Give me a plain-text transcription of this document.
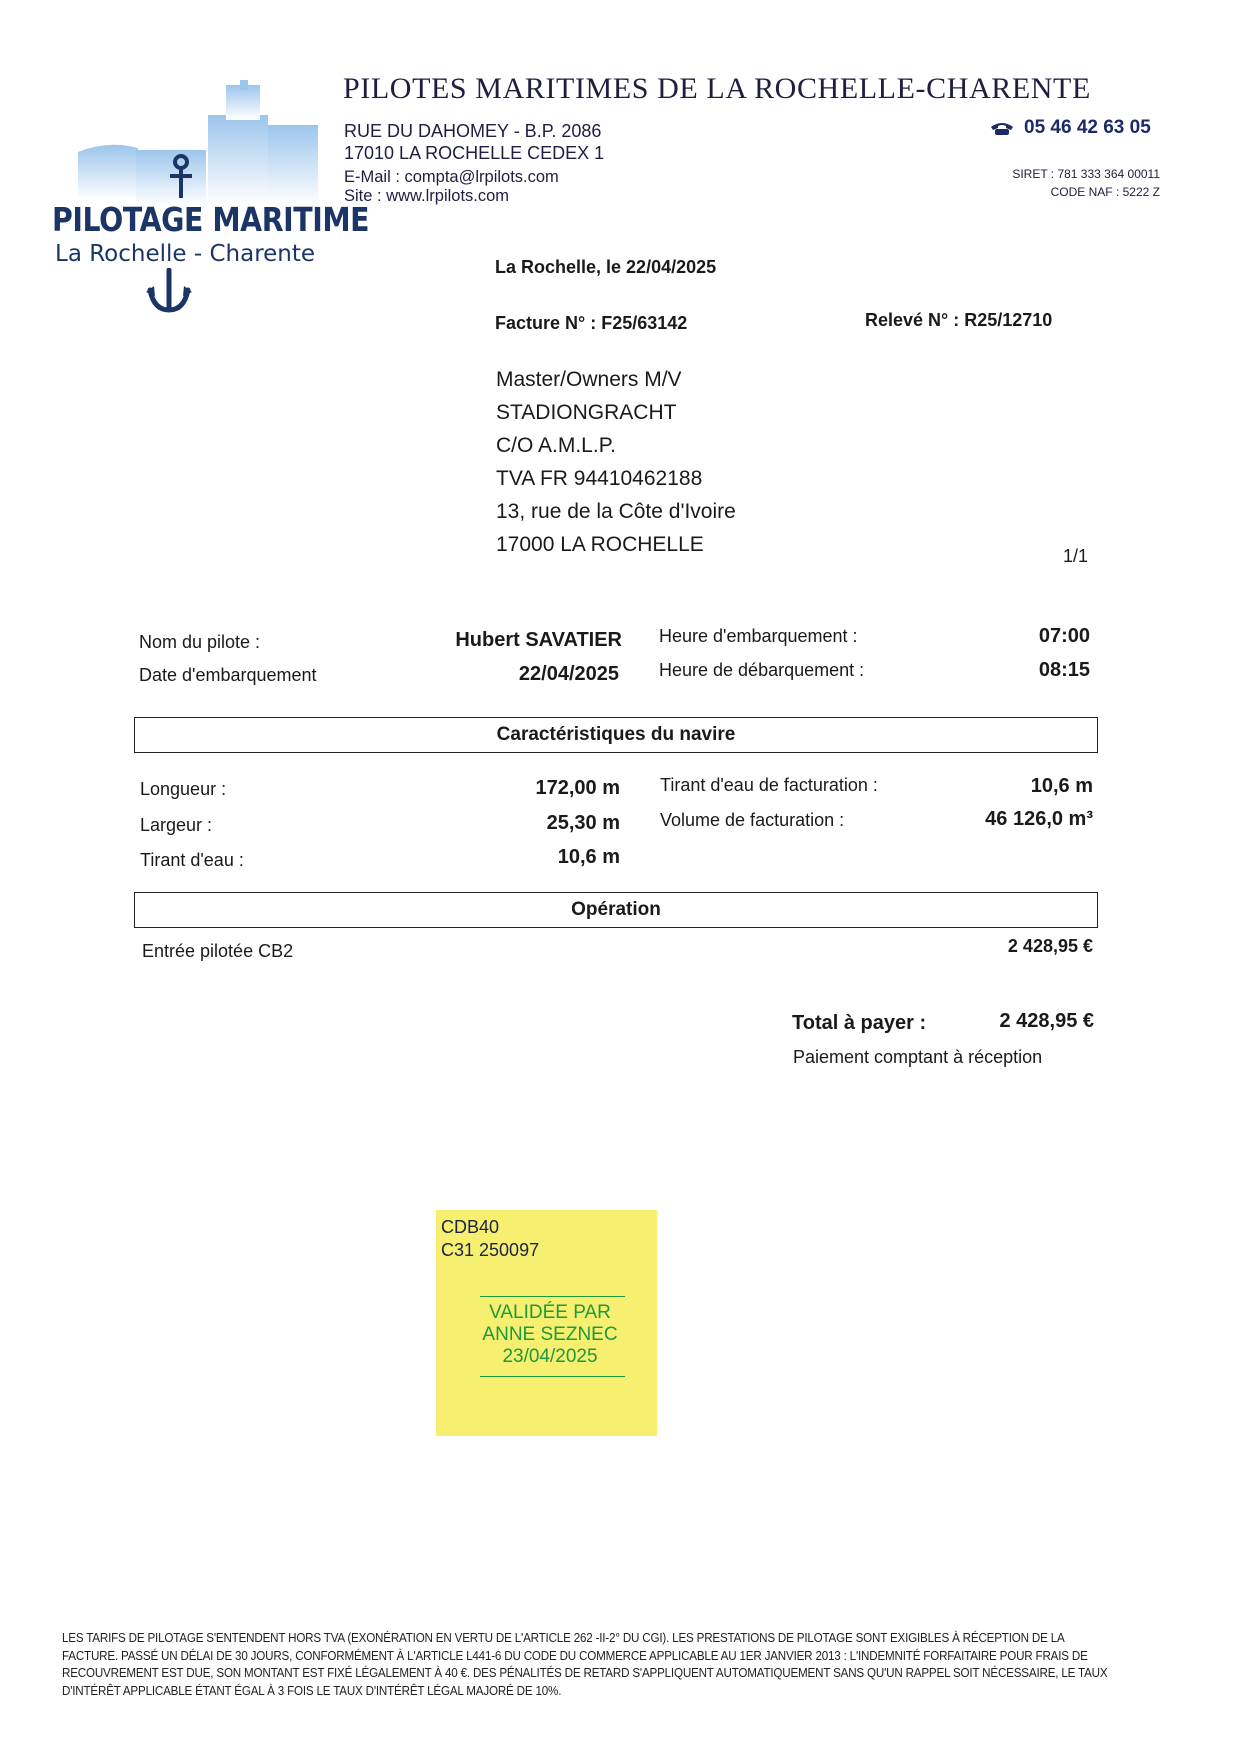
PILOTAGE MARITIME
La Rochelle - Charente
PILOTES MARITIMES DE LA ROCHELLE-CHARENTE
RUE DU DAHOMEY - B.P. 2086
17010 LA ROCHELLE CEDEX 1
E-Mail : compta@lrpilots.com
Site : www.lrpilots.com
05 46 42 63 05
SIRET : 781 333 364 00011
CODE NAF : 5222 Z
La Rochelle, le 22/04/2025
Facture N° : F25/63142	Relevé N° : R25/12710
Master/Owners M/V
STADIONGRACHT
C/O A.M.L.P.
TVA FR 94410462188
13, rue de la Côte d'Ivoire
17000 LA ROCHELLE	1/1
Nom du pilote :	Hubert SAVATIER
Date d'embarquement	22/04/2025
Heure d'embarquement :	07:00
Heure de débarquement :	08:15
Caractéristiques du navire
Longueur :	172,00 m
Largeur :	25,30 m
Tirant d'eau :	10,6 m
Tirant d'eau de facturation :	10,6 m
Volume de facturation :	46 126,0 m³
Opération
Entrée pilotée CB2	2 428,95 €
Total à payer :	2 428,95 €
Paiement comptant à réception
CDB40
C31 250097
VALIDÉE PAR
ANNE SEZNEC
23/04/2025
LES TARIFS DE PILOTAGE S'ENTENDENT HORS TVA (EXONÉRATION EN VERTU DE L'ARTICLE 262 -II-2° DU CGI). LES PRESTATIONS DE PILOTAGE SONT EXIGIBLES À RÉCEPTION DE LA FACTURE. PASSÉ UN DÉLAI DE 30 JOURS, CONFORMÉMENT À L'ARTICLE L441-6 DU CODE DU COMMERCE APPLICABLE AU 1ER JANVIER 2013 : L'INDEMNITÉ FORFAITAIRE POUR FRAIS DE RECOUVREMENT EST DUE, SON MONTANT EST FIXÉ LÉGALEMENT À 40 €. DES PÉNALITÉS DE RETARD S'APPLIQUENT AUTOMATIQUEMENT SANS QU'UN RAPPEL SOIT NÉCESSAIRE, LE TAUX D'INTÉRÊT APPLICABLE ÉTANT ÉGAL À 3 FOIS LE TAUX D'INTÉRÊT LÉGAL MAJORÉ DE 10%.
